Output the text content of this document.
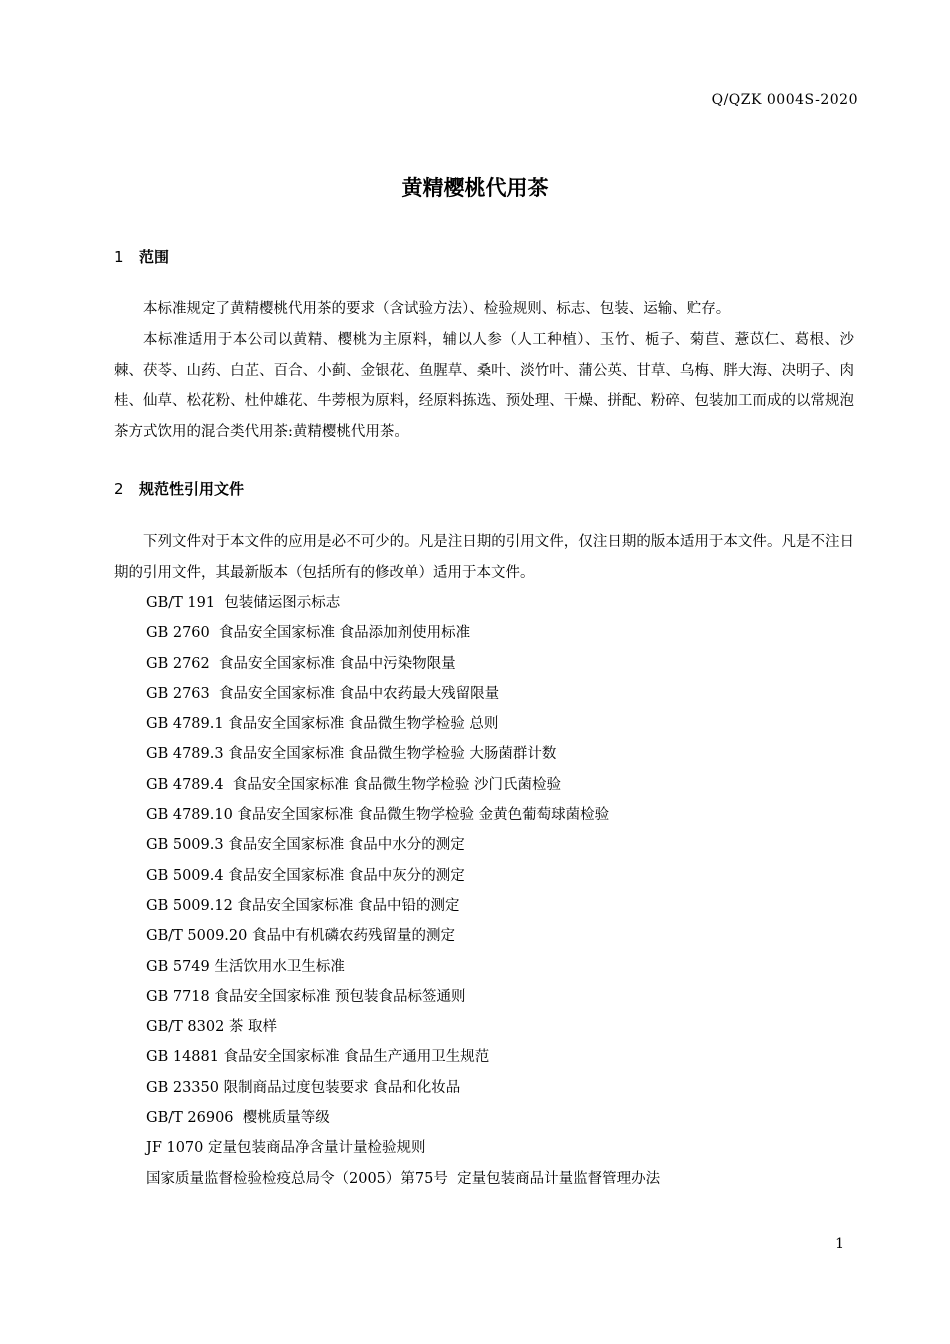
Q/QZK 0004S-2020
黄精樱桃代用茶
1 范围
本标准规定了黄精樱桃代用茶的要求（含试验方法）、检验规则、标志、包装、运输、贮存。
本标准适用于本公司以黄精、樱桃为主原料，辅以人参（人工种植）、玉竹、栀子、菊苣、薏苡仁、葛根、沙棘、茯苓、山药、白芷、百合、小蓟、金银花、鱼腥草、桑叶、淡竹叶、蒲公英、甘草、乌梅、胖大海、决明子、肉桂、仙草、松花粉、杜仲雄花、牛蒡根为原料，经原料拣选、预处理、干燥、拼配、粉碎、包装加工而成的以常规泡茶方式饮用的混合类代用茶:黄精樱桃代用茶。
2 规范性引用文件
下列文件对于本文件的应用是必不可少的。凡是注日期的引用文件，仅注日期的版本适用于本文件。凡是不注日期的引用文件，其最新版本（包括所有的修改单）适用于本文件。
GB/T 191  包装储运图示标志
GB 2760  食品安全国家标准 食品添加剂使用标准
GB 2762  食品安全国家标准 食品中污染物限量
GB 2763  食品安全国家标准 食品中农药最大残留限量
GB 4789.1 食品安全国家标准 食品微生物学检验 总则
GB 4789.3 食品安全国家标准 食品微生物学检验 大肠菌群计数
GB 4789.4  食品安全国家标准 食品微生物学检验 沙门氏菌检验
GB 4789.10 食品安全国家标准 食品微生物学检验 金黄色葡萄球菌检验
GB 5009.3 食品安全国家标准 食品中水分的测定
GB 5009.4 食品安全国家标准 食品中灰分的测定
GB 5009.12 食品安全国家标准 食品中铅的测定
GB/T 5009.20 食品中有机磷农药残留量的测定
GB 5749 生活饮用水卫生标准
GB 7718 食品安全国家标准 预包装食品标签通则
GB/T 8302 茶 取样
GB 14881 食品安全国家标准 食品生产通用卫生规范
GB 23350 限制商品过度包装要求 食品和化妆品
GB/T 26906  樱桃质量等级
JF 1070 定量包装商品净含量计量检验规则
国家质量监督检验检疫总局令（2005）第75号  定量包装商品计量监督管理办法
1
